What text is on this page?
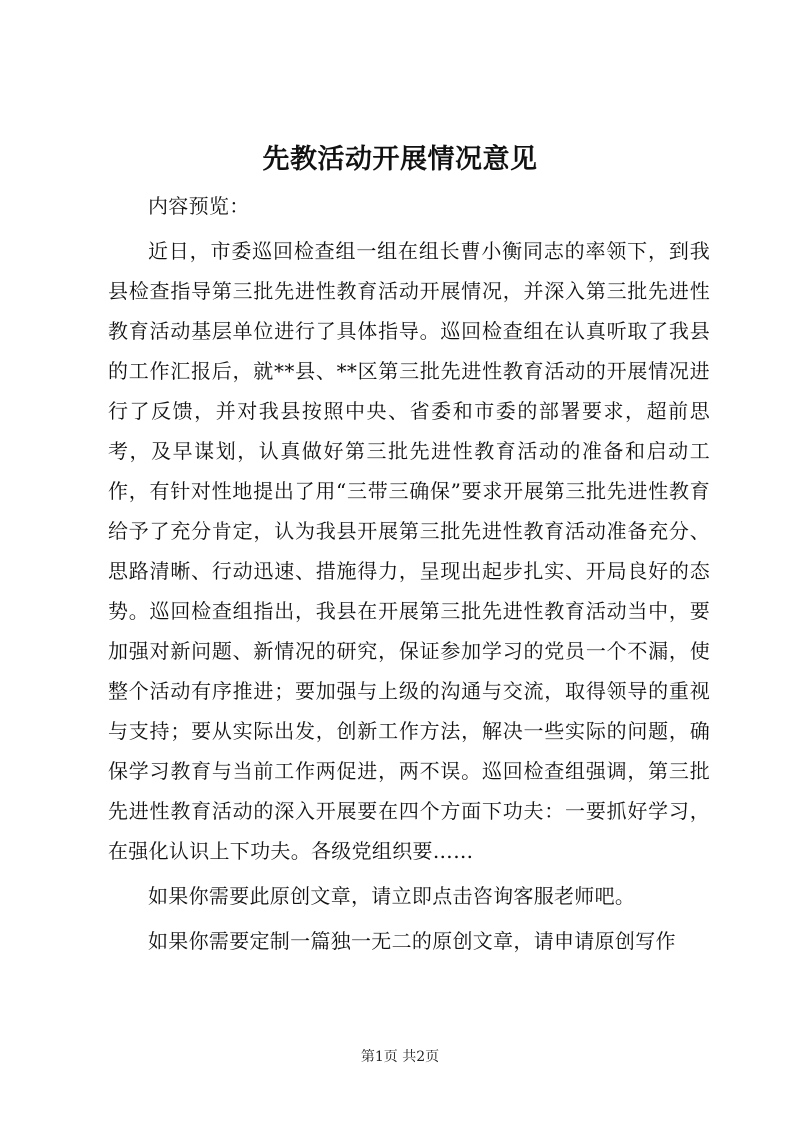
先教活动开展情况意见

内容预览：

近日，市委巡回检查组一组在组长曹小衡同志的率领下，到我县检查指导第三批先进性教育活动开展情况，并深入第三批先进性教育活动基层单位进行了具体指导。巡回检查组在认真听取了我县的工作汇报后，就**县、**区第三批先进性教育活动的开展情况进行了反馈，并对我县按照中央、省委和市委的部署要求，超前思考，及早谋划，认真做好第三批先进性教育活动的准备和启动工作，有针对性地提出了用“三带三确保”要求开展第三批先进性教育给予了充分肯定，认为我县开展第三批先进性教育活动准备充分、思路清晰、行动迅速、措施得力，呈现出起步扎实、开局良好的态势。巡回检查组指出，我县在开展第三批先进性教育活动当中，要加强对新问题、新情况的研究，保证参加学习的党员一个不漏，使整个活动有序推进；要加强与上级的沟通与交流，取得领导的重视与支持；要从实际出发，创新工作方法，解决一些实际的问题，确保学习教育与当前工作两促进，两不误。巡回检查组强调，第三批先进性教育活动的深入开展要在四个方面下功夫：一要抓好学习，在强化认识上下功夫。各级党组织要……

如果你需要此原创文章，请立即点击咨询客服老师吧。

如果你需要定制一篇独一无二的原创文章，请申请原创写作

第1页 共2页
